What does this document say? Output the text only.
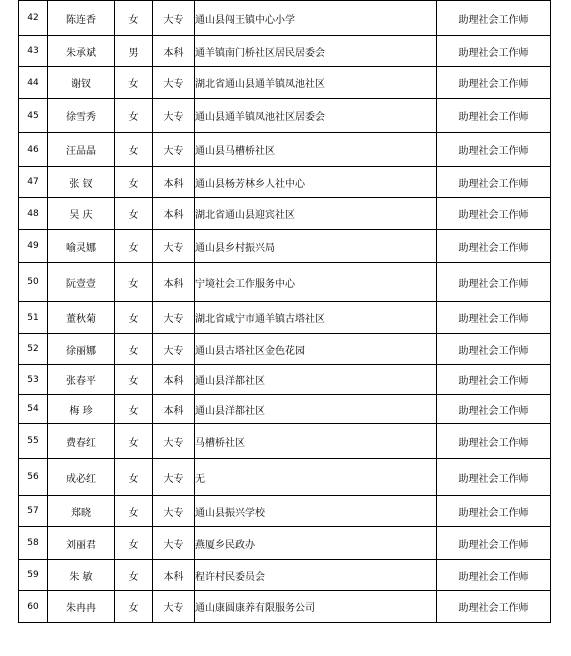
42	陈连香	女	大专	通山县闯王镇中心小学	助理社会工作师
43	朱承斌	男	本科	通羊镇南门桥社区居民居委会	助理社会工作师
44	谢钗	女	大专	湖北省通山县通羊镇凤池社区	助理社会工作师
45	徐雪秀	女	大专	通山县通羊镇凤池社区居委会	助理社会工作师
46	汪品晶	女	大专	通山县马槽桥社区	助理社会工作师
47	张 钗	女	本科	通山县杨芳林乡人社中心	助理社会工作师
48	吴 庆	女	本科	湖北省通山县迎宾社区	助理社会工作师
49	喻灵娜	女	大专	通山县乡村振兴局	助理社会工作师
50	阮壹壹	女	本科	宁境社会工作服务中心	助理社会工作师
51	董秋菊	女	大专	湖北省咸宁市通羊镇古塔社区	助理社会工作师
52	徐丽娜	女	大专	通山县古塔社区金色花园	助理社会工作师
53	张春平	女	本科	通山县洋都社区	助理社会工作师
54	梅 珍	女	本科	通山县洋都社区	助理社会工作师
55	费春红	女	大专	马槽桥社区	助理社会工作师
56	成必红	女	大专	无	助理社会工作师
57	郑晓	女	大专	通山县振兴学校	助理社会工作师
58	刘丽君	女	大专	燕厦乡民政办	助理社会工作师
59	朱 敏	女	本科	程许村民委员会	助理社会工作师
60	朱冉冉	女	大专	通山康圆康养有限服务公司	助理社会工作师
